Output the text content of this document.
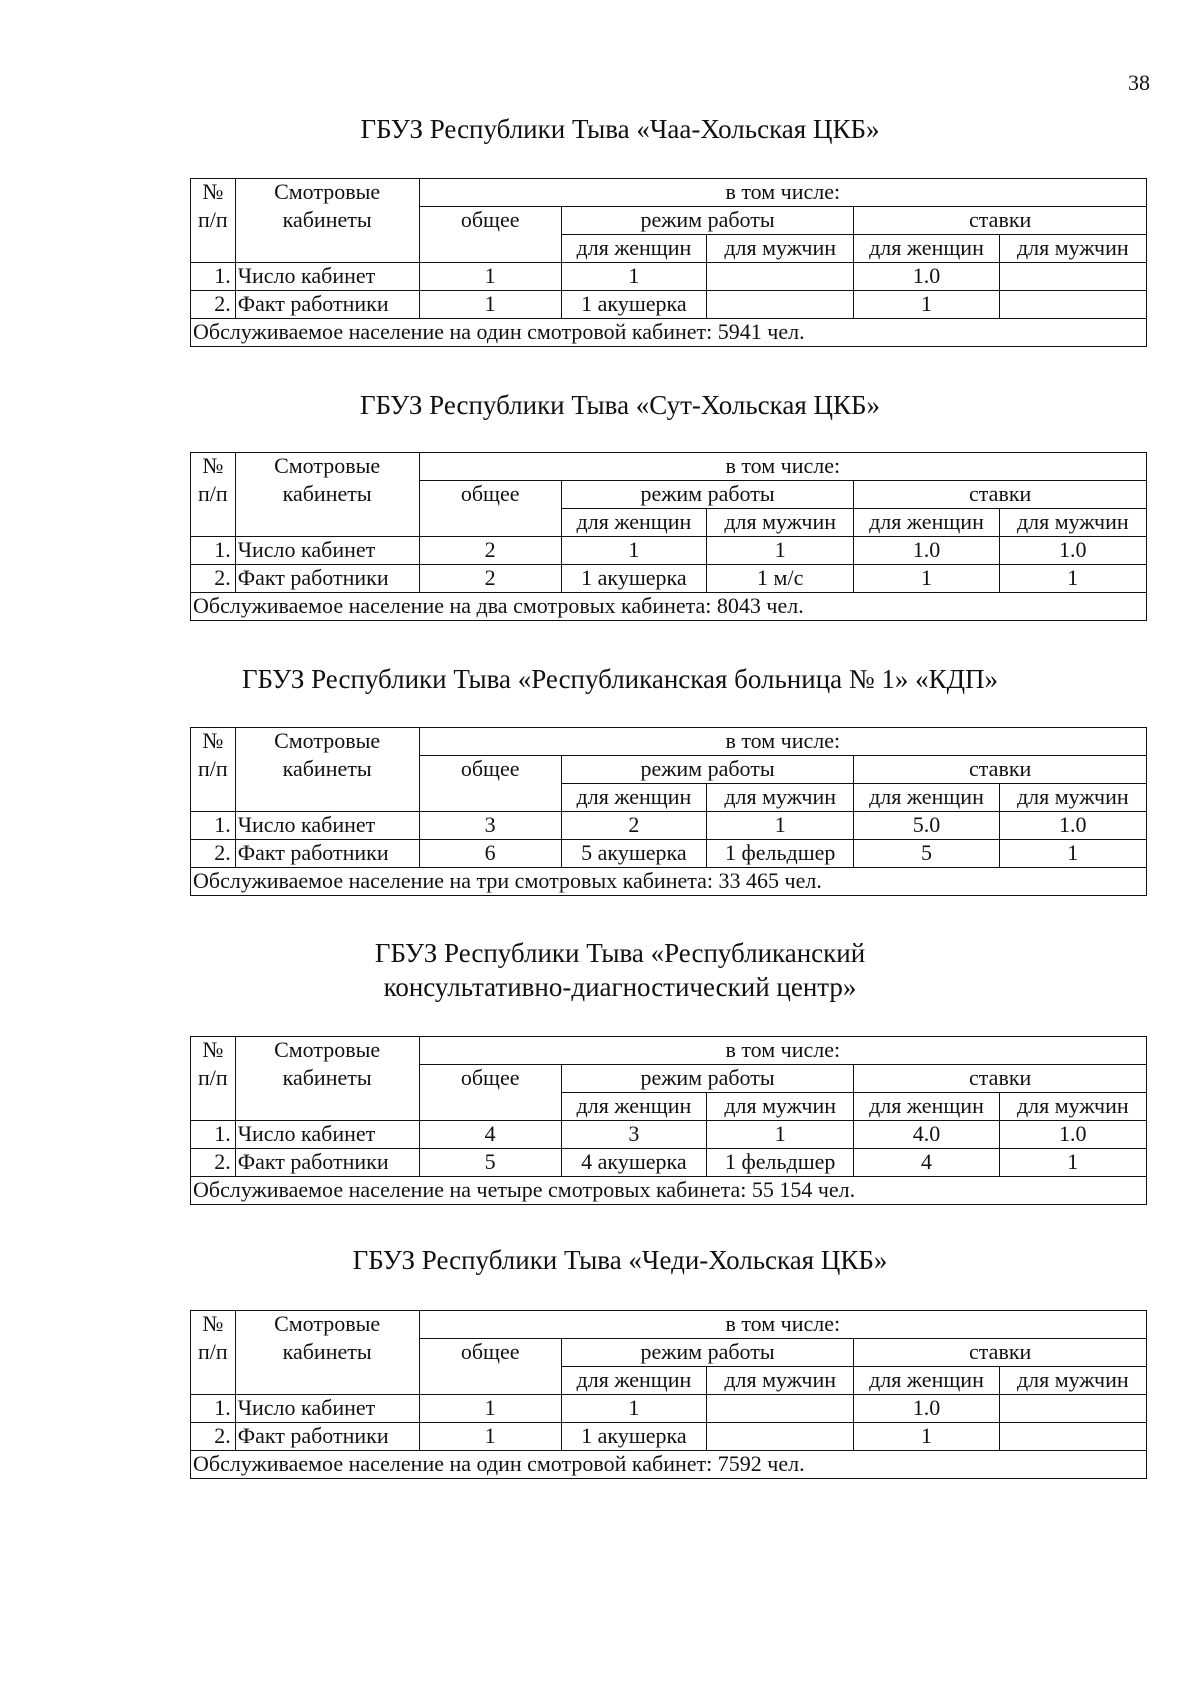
38
ГБУЗ Республики Тыва «Чаа-Хольская ЦКБ»
№	Смотровые	в том числе:				
п/п	кабинеты	общее	режим работы		ставки	
			для женщин	для мужчин	для женщин	для мужчин
1.	Число кабинет	1	1		1.0	
2.	Факт работники	1	1 акушерка		1	
Обслуживаемое население на один смотровой кабинет: 5941 чел.						
ГБУЗ Республики Тыва «Сут-Хольская ЦКБ»
№	Смотровые	в том числе:				
п/п	кабинеты	общее	режим работы		ставки	
			для женщин	для мужчин	для женщин	для мужчин
1.	Число кабинет	2	1	1	1.0	1.0
2.	Факт работники	2	1 акушерка	1 м/с	1	1
Обслуживаемое население на два смотровых кабинета: 8043 чел.						
ГБУЗ Республики Тыва «Республиканская больница № 1» «КДП»
№	Смотровые	в том числе:				
п/п	кабинеты	общее	режим работы		ставки	
			для женщин	для мужчин	для женщин	для мужчин
1.	Число кабинет	3	2	1	5.0	1.0
2.	Факт работники	6	5 акушерка	1 фельдшер	5	1
Обслуживаемое население на три смотровых кабинета: 33 465 чел.						
ГБУЗ Республики Тыва «Республиканский
консультативно-диагностический центр»
№	Смотровые	в том числе:				
п/п	кабинеты	общее	режим работы		ставки	
			для женщин	для мужчин	для женщин	для мужчин
1.	Число кабинет	4	3	1	4.0	1.0
2.	Факт работники	5	4 акушерка	1 фельдшер	4	1
Обслуживаемое население на четыре смотровых кабинета: 55 154 чел.						
ГБУЗ Республики Тыва «Чеди-Хольская ЦКБ»
№	Смотровые	в том числе:				
п/п	кабинеты	общее	режим работы		ставки	
			для женщин	для мужчин	для женщин	для мужчин
1.	Число кабинет	1	1		1.0	
2.	Факт работники	1	1 акушерка		1	
Обслуживаемое население на один смотровой кабинет: 7592 чел.						
